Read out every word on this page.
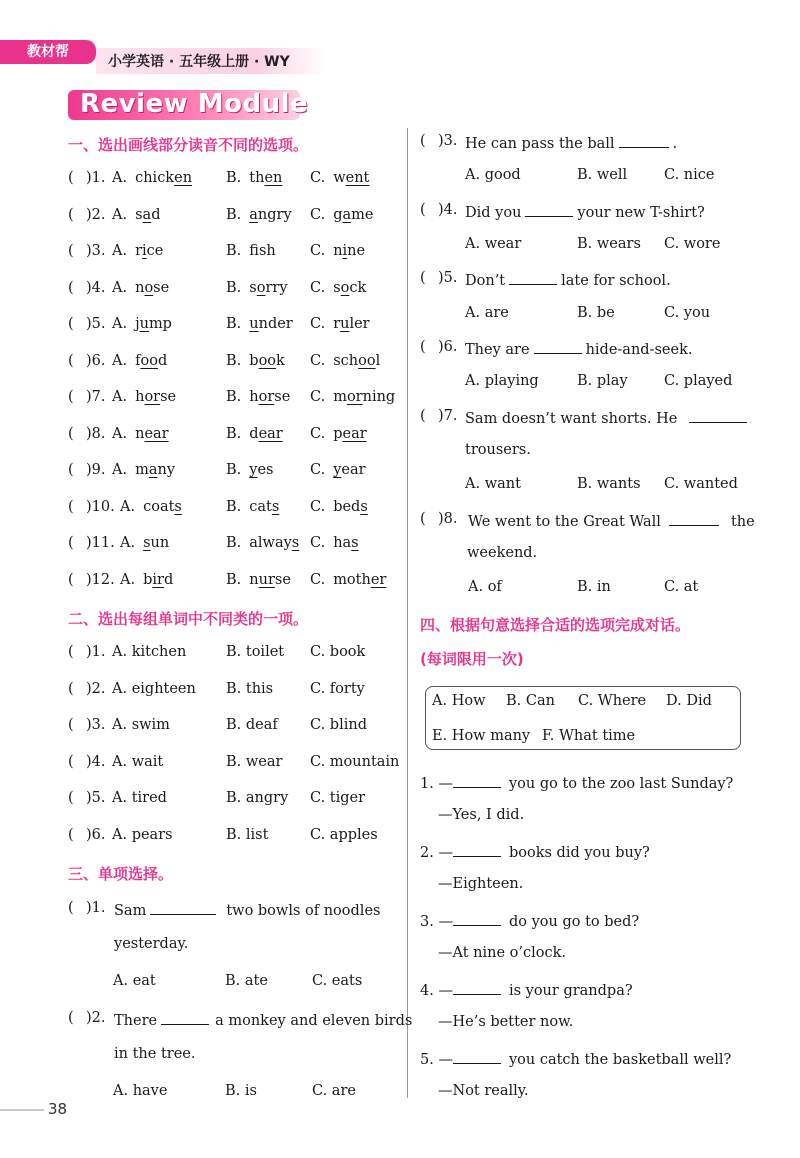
教材帮
小学英语 · 五年级上册 · WY
Review Module
一、选出画线部分读音不同的选项。
( )1. A. chicken B. then C. went
( )2. A. sad	B. angry C. game
( )3. A. rice	B. fsh C. nine
( )4. A. nose	B. sorry C. sock
( )5. A. jump	B. under C. ruler
( )6. A. food	B. book C. school
( )7. A. horse	B. horse C. morning
( )8. A. near	B. dear C. pear
( )9. A. many	B. yes	C. year
( )10. A. coats	B. cats C. beds
( )11. A. sun	B. always C. has
( )12. A. bird	B. nurse C. mother
二、选出每组单词中不同类的一项。
( )1. A. kitchen	B. toilet C. book
( )2. A. eighteen B. this	C. forty
( )3. A. swim	B. deaf C. blind
( )4. A. wait	B. wear C. mountain
( )5. A. tired	B. angry C. tiger
( )6. A. pears	B. list	C. apples
三、单项选择。
( )1. Sam	two bowls of noodles
yesterday.
A. eat	B. ate	C. eats
( )2. There	a monkey and eleven birds
in the tree.
A. have	B. is	C. are
( )3. He can pass the ball	.
A. good	B. well	C. nice
( )4. Did you	your new T-shirt?
A. wear	B. wears C. wore
( )5. Don’t	late for school.
A. are	B. be	C. you
( )6. They are	hide-and-seek.
A. playing	B. play	C. played
( )7. Sam doesn’t want shorts. He
trousers.
A. want	B. wants C. wanted
( )8. We went to the Great Wall	the
weekend.
A. of	B. in	C. at
四、根据句意选择合适的选项完成对话。
(每词限用一次)
A. How B. Can C. Where D. Did
E. How many F. What time
1. —	you go to the zoo last Sunday?
—Yes, I did.
2. —	books did you buy?
—Eighteen.
3. —	do you go to bed?
—At nine o’clock.
4. —	is your grandpa?
—He’s better now.
5. —	you catch the basketball well?
—Not really.
38
